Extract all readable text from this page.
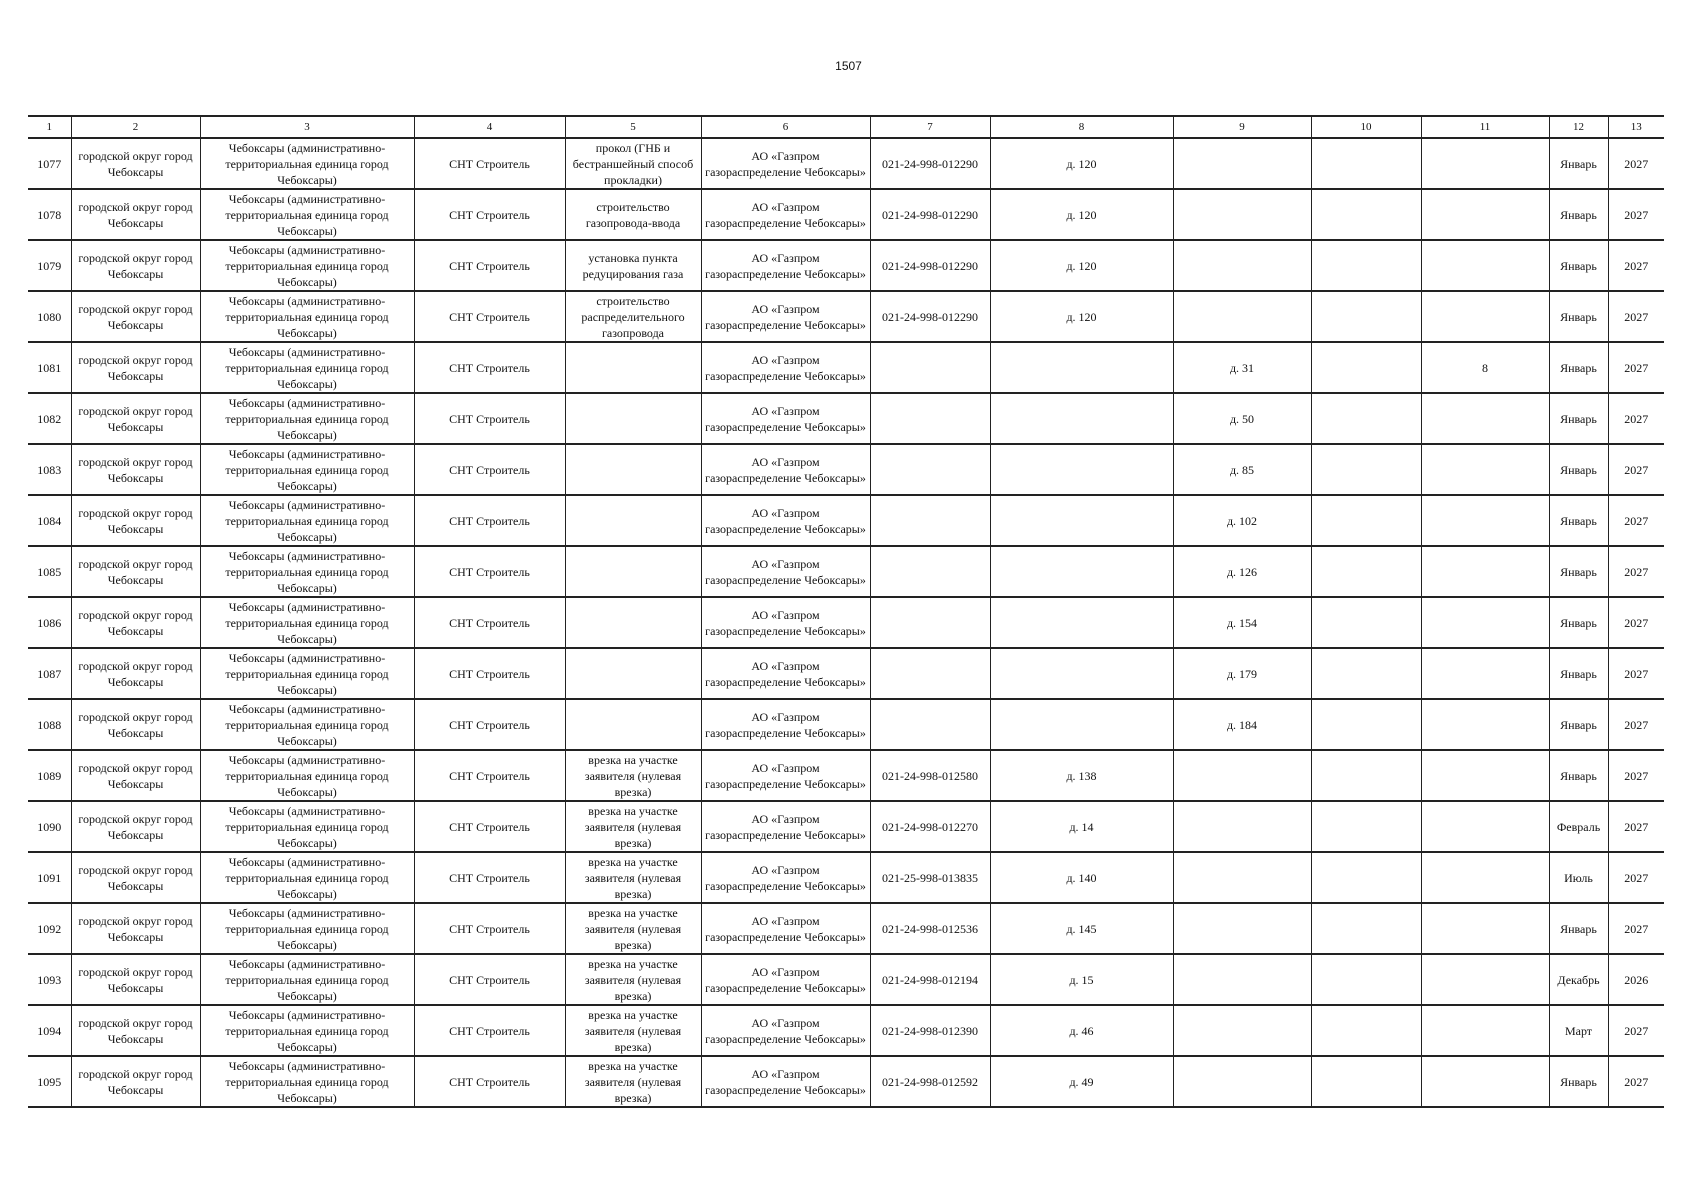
1507
1	2	3	4	5	6	7	8	9	10	11	12	13
1077	городской округ город Чебоксары	Чебоксары (административно-территориальная единица город Чебоксары)	СНТ Строитель	прокол (ГНБ и бестраншейный способ прокладки)	АО «Газпром газораспределение Чебоксары»	021-24-998-012290	д. 120				Январь	2027
1078	городской округ город Чебоксары	Чебоксары (административно-территориальная единица город Чебоксары)	СНТ Строитель	строительство газопровода-ввода	АО «Газпром газораспределение Чебоксары»	021-24-998-012290	д. 120				Январь	2027
1079	городской округ город Чебоксары	Чебоксары (административно-территориальная единица город Чебоксары)	СНТ Строитель	установка пункта редуцирования газа	АО «Газпром газораспределение Чебоксары»	021-24-998-012290	д. 120				Январь	2027
1080	городской округ город Чебоксары	Чебоксары (административно-территориальная единица город Чебоксары)	СНТ Строитель	строительство распределительного газопровода	АО «Газпром газораспределение Чебоксары»	021-24-998-012290	д. 120				Январь	2027
1081	городской округ город Чебоксары	Чебоксары (административно-территориальная единица город Чебоксары)	СНТ Строитель		АО «Газпром газораспределение Чебоксары»			д. 31		8	Январь	2027
1082	городской округ город Чебоксары	Чебоксары (административно-территориальная единица город Чебоксары)	СНТ Строитель		АО «Газпром газораспределение Чебоксары»			д. 50			Январь	2027
1083	городской округ город Чебоксары	Чебоксары (административно-территориальная единица город Чебоксары)	СНТ Строитель		АО «Газпром газораспределение Чебоксары»			д. 85			Январь	2027
1084	городской округ город Чебоксары	Чебоксары (административно-территориальная единица город Чебоксары)	СНТ Строитель		АО «Газпром газораспределение Чебоксары»			д. 102			Январь	2027
1085	городской округ город Чебоксары	Чебоксары (административно-территориальная единица город Чебоксары)	СНТ Строитель		АО «Газпром газораспределение Чебоксары»			д. 126			Январь	2027
1086	городской округ город Чебоксары	Чебоксары (административно-территориальная единица город Чебоксары)	СНТ Строитель		АО «Газпром газораспределение Чебоксары»			д. 154			Январь	2027
1087	городской округ город Чебоксары	Чебоксары (административно-территориальная единица город Чебоксары)	СНТ Строитель		АО «Газпром газораспределение Чебоксары»			д. 179			Январь	2027
1088	городской округ город Чебоксары	Чебоксары (административно-территориальная единица город Чебоксары)	СНТ Строитель		АО «Газпром газораспределение Чебоксары»			д. 184			Январь	2027
1089	городской округ город Чебоксары	Чебоксары (административно-территориальная единица город Чебоксары)	СНТ Строитель	врезка на участке заявителя (нулевая врезка)	АО «Газпром газораспределение Чебоксары»	021-24-998-012580	д. 138				Январь	2027
1090	городской округ город Чебоксары	Чебоксары (административно-территориальная единица город Чебоксары)	СНТ Строитель	врезка на участке заявителя (нулевая врезка)	АО «Газпром газораспределение Чебоксары»	021-24-998-012270	д. 14				Февраль	2027
1091	городской округ город Чебоксары	Чебоксары (административно-территориальная единица город Чебоксары)	СНТ Строитель	врезка на участке заявителя (нулевая врезка)	АО «Газпром газораспределение Чебоксары»	021-25-998-013835	д. 140				Июль	2027
1092	городской округ город Чебоксары	Чебоксары (административно-территориальная единица город Чебоксары)	СНТ Строитель	врезка на участке заявителя (нулевая врезка)	АО «Газпром газораспределение Чебоксары»	021-24-998-012536	д. 145				Январь	2027
1093	городской округ город Чебоксары	Чебоксары (административно-территориальная единица город Чебоксары)	СНТ Строитель	врезка на участке заявителя (нулевая врезка)	АО «Газпром газораспределение Чебоксары»	021-24-998-012194	д. 15				Декабрь	2026
1094	городской округ город Чебоксары	Чебоксары (административно-территориальная единица город Чебоксары)	СНТ Строитель	врезка на участке заявителя (нулевая врезка)	АО «Газпром газораспределение Чебоксары»	021-24-998-012390	д. 46				Март	2027
1095	городской округ город Чебоксары	Чебоксары (административно-территориальная единица город Чебоксары)	СНТ Строитель	врезка на участке заявителя (нулевая врезка)	АО «Газпром газораспределение Чебоксары»	021-24-998-012592	д. 49				Январь	2027
